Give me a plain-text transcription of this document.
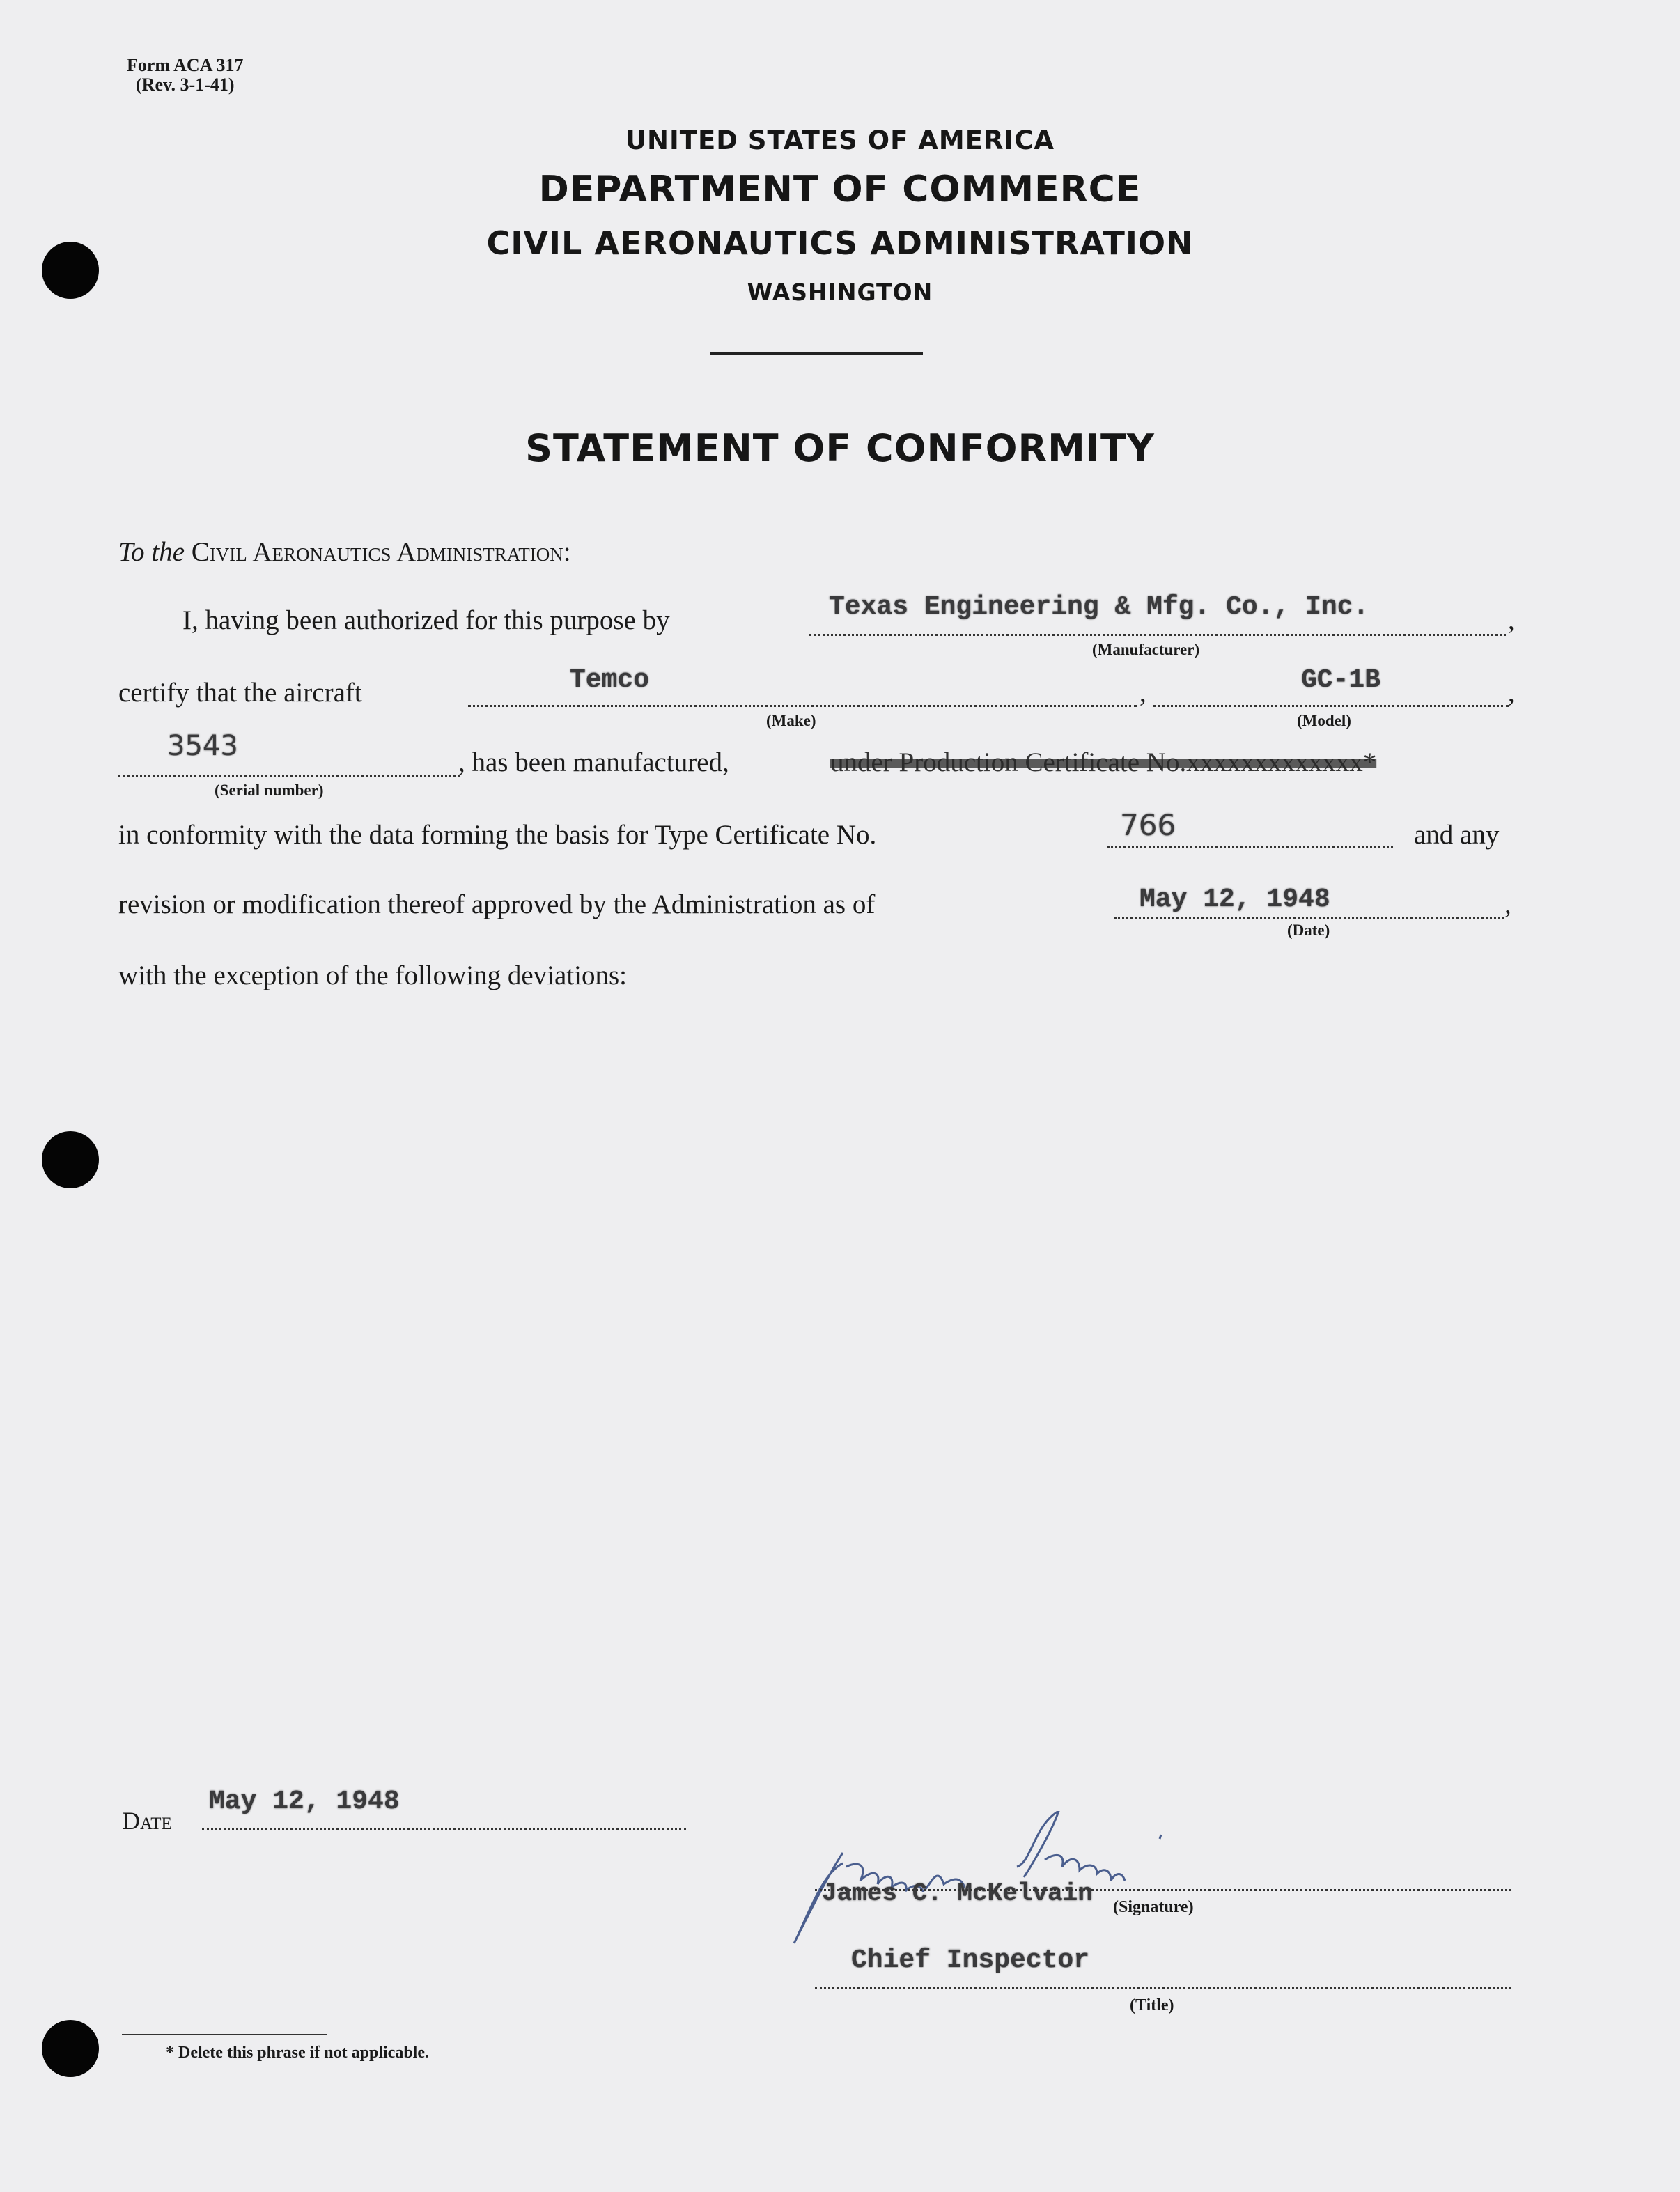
Form ACA 317
(Rev. 3-1-41)
UNITED STATES OF AMERICA
DEPARTMENT OF COMMERCE
CIVIL AERONAUTICS ADMINISTRATION
WASHINGTON
STATEMENT OF CONFORMITY
To the Civil Aeronautics Administration:
I, having been authorized for this purpose by	,
Texas Engineering & Mfg. Co., Inc.
(Manufacturer)
certify that the aircraft	,	,
Temco
(Make)
GC-1B
(Model)
3543
, has been manufactured,	under Production Certificate No.xxxxxxxxxxxxx*
(Serial number)
in conformity with the data forming the basis for Type Certificate No.	766	and any
revision or modification thereof approved by the Administration as of	,
May 12, 1948
(Date)
with the exception of the following deviations:
Date
May 12, 1948
James C. McKelvain (Signature)
Chief Inspector
(Title)
* Delete this phrase if not applicable.
